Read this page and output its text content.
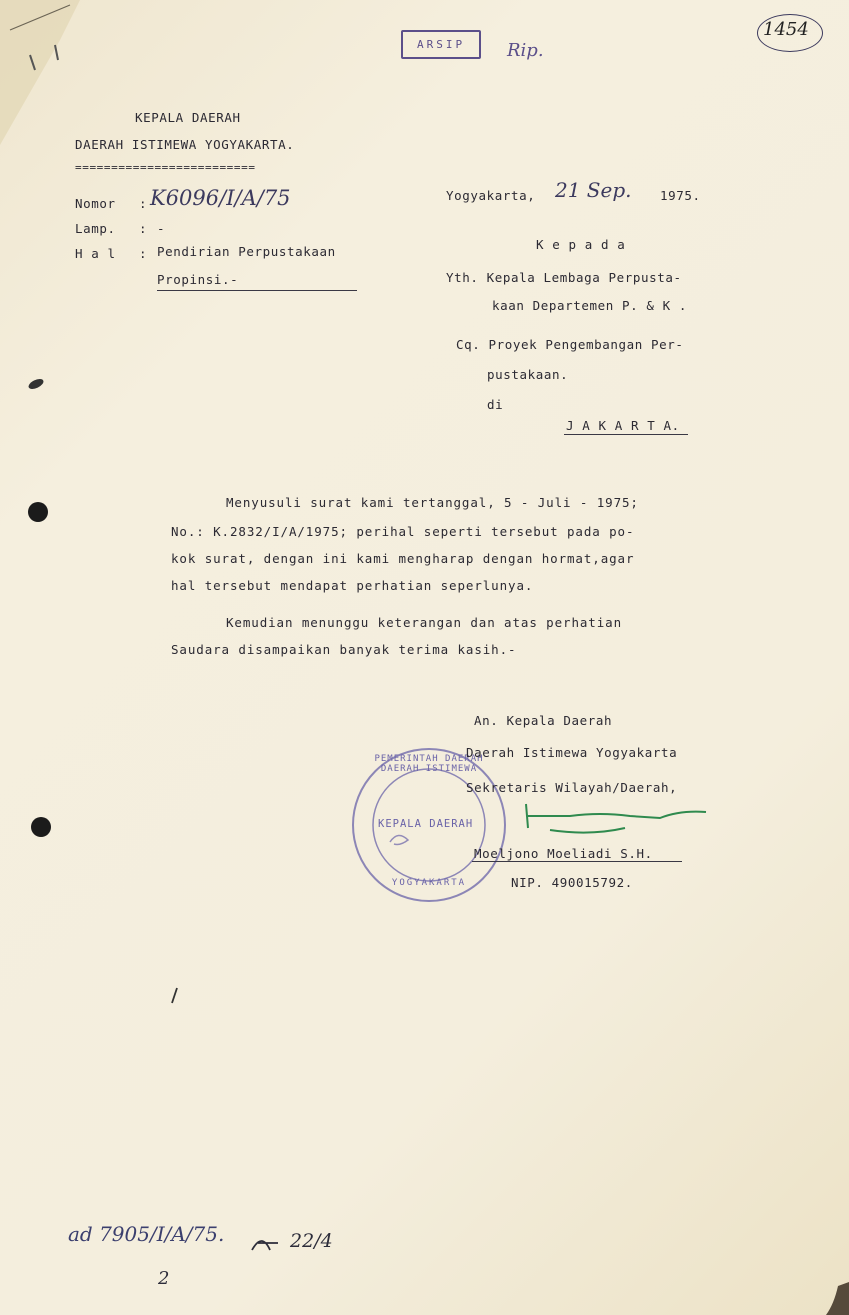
ARSIP	Rip.
1454
KEPALA DAERAH
DAERAH ISTIMEWA YOGYAKARTA.
=========================
Nomor : K6096/I/A/75
Lamp. : -
H a l : Pendirian Perpustakaan
Propinsi.-
Yogyakarta, 21 Sep. 1975.
K e p a d a
Yth. Kepala Lembaga Perpusta-
kaan Departemen P. & K .
Cq. Proyek Pengembangan Per-
pustakaan.
di
J A K A R T A.
Menyusuli surat kami tertanggal, 5 - Juli - 1975;
No.: K.2832/I/A/1975; perihal seperti tersebut pada po-
kok surat, dengan ini kami mengharap dengan hormat,agar
hal tersebut mendapat perhatian seperlunya.
Kemudian menunggu keterangan dan atas perhatian
Saudara disampaikan banyak terima kasih.-
PEMERINTAH DAERAH DAERAH ISTIMEWA
KEPALA DAERAH
YOGYAKARTA
An. Kepala Daerah
Daerah Istimewa Yogyakarta
Sekretaris Wilayah/Daerah,
Moeljono Moeliadi S.H.
NIP. 490015792.
ad 7905/I/A/75.	22/4
2
